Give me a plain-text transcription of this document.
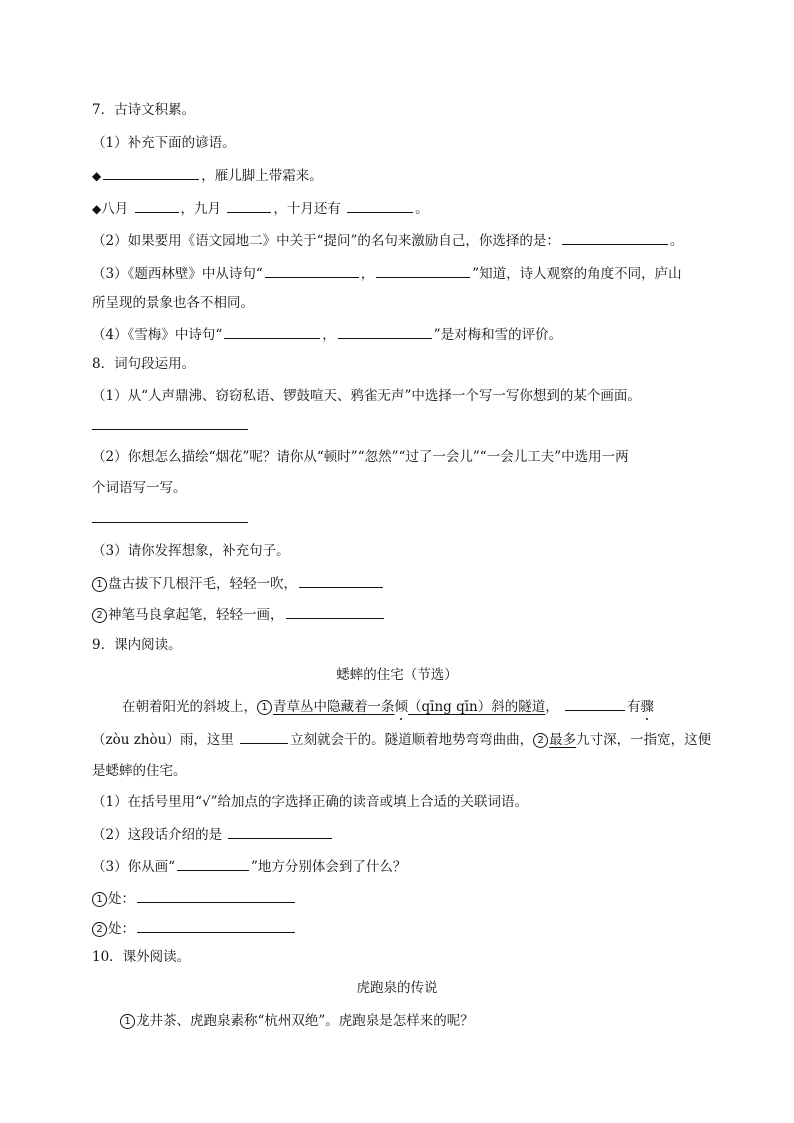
7．古诗文积累。
（1）补充下面的谚语。
◆	，雁儿脚上带霜来。
◆八月	，九月	，十月还有	。
（2）如果要用《语文园地二》中关于“提问”的名句来激励自己，你选择的是：	。
（3）《题西林壁》中从诗句“	，	”知道，诗人观察的角度不同，庐山
所呈现的景象也各不相同。
（4）《雪梅》中诗句“	，	”是对梅和雪的评价。
8．词句段运用。
（1）从“人声鼎沸、窃窃私语、锣鼓喧天、鸦雀无声”中选择一个写一写你想到的某个画面。
（2）你想怎么描绘“烟花”呢？请你从“顿时”“忽然”“过了一会儿”“一会儿工夫”中选用一两
个词语写一写。
（3）请你发挥想象，补充句子。
1 盘古拔下几根汗毛，轻轻一吹，
2 神笔马良拿起笔，轻轻一画，
9．课内阅读。
蟋蟀的住宅（节选）
在朝着阳光的斜坡上， 1 青草丛中隐藏着一条倾（qīng qīn）斜的隧道，	有骤
（zòu zhòu）雨，这里	立刻就会干的。隧道顺着地势弯弯曲曲， 2 最多九寸深，一指宽，这便
是蟋蟀的住宅。
（1）在括号里用“√”给加点的字选择正确的读音或填上合适的关联词语。
（2）这段话介绍的是
（3）你从画“	”地方分别体会到了什么？
1 处：
2 处：
10．课外阅读。
虎跑泉的传说
1 龙井茶、虎跑泉素称“杭州双绝”。虎跑泉是怎样来的呢？
